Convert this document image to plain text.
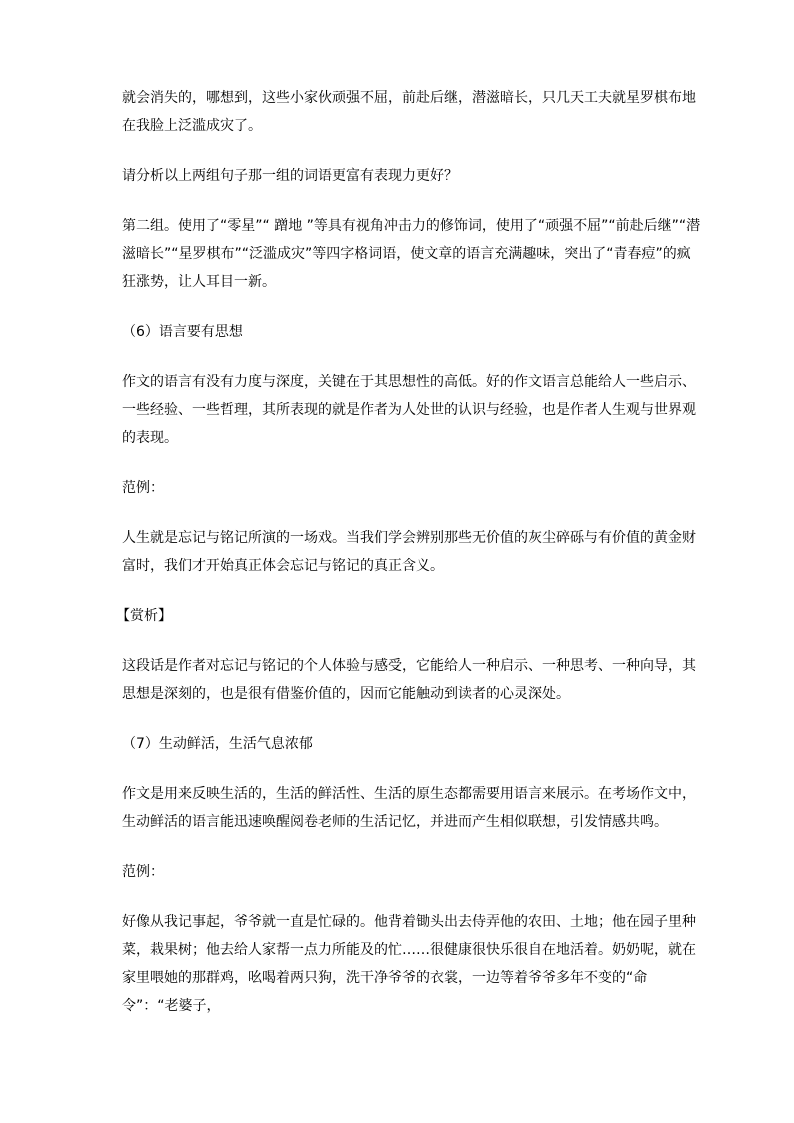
就会消失的，哪想到，这些小家伙顽强不屈，前赴后继，潜滋暗长，只几天工夫就星罗棋布地在我脸上泛滥成灾了。

请分析以上两组句子那一组的词语更富有表现力更好？

第二组。使用了“零星”“ 蹭地 ”等具有视角冲击力的修饰词，使用了“顽强不屈”“前赴后继”“潜滋暗长”“星罗棋布”“泛滥成灾”等四字格词语，使文章的语言充满趣味，突出了“青春痘”的疯狂涨势，让人耳目一新。

（6）语言要有思想

作文的语言有没有力度与深度，关键在于其思想性的高低。好的作文语言总能给人一些启示、一些经验、一些哲理，其所表现的就是作者为人处世的认识与经验，也是作者人生观与世界观的表现。

范例：

人生就是忘记与铭记所演的一场戏。当我们学会辨别那些无价值的灰尘碎砾与有价值的黄金财富时，我们才开始真正体会忘记与铭记的真正含义。

【赏析】

这段话是作者对忘记与铭记的个人体验与感受，它能给人一种启示、一种思考、一种向导，其思想是深刻的，也是很有借鉴价值的，因而它能触动到读者的心灵深处。

（7）生动鲜活，生活气息浓郁

作文是用来反映生活的，生活的鲜活性、生活的原生态都需要用语言来展示。在考场作文中，生动鲜活的语言能迅速唤醒阅卷老师的生活记忆，并进而产生相似联想，引发情感共鸣。

范例：

好像从我记事起，爷爷就一直是忙碌的。他背着锄头出去侍弄他的农田、土地；他在园子里种菜，栽果树；他去给人家帮一点力所能及的忙……很健康很快乐很自在地活着。奶奶呢，就在家里喂她的那群鸡，吆喝着两只狗，洗干净爷爷的衣裳，一边等着爷爷多年不变的“命令”：“老婆子，
